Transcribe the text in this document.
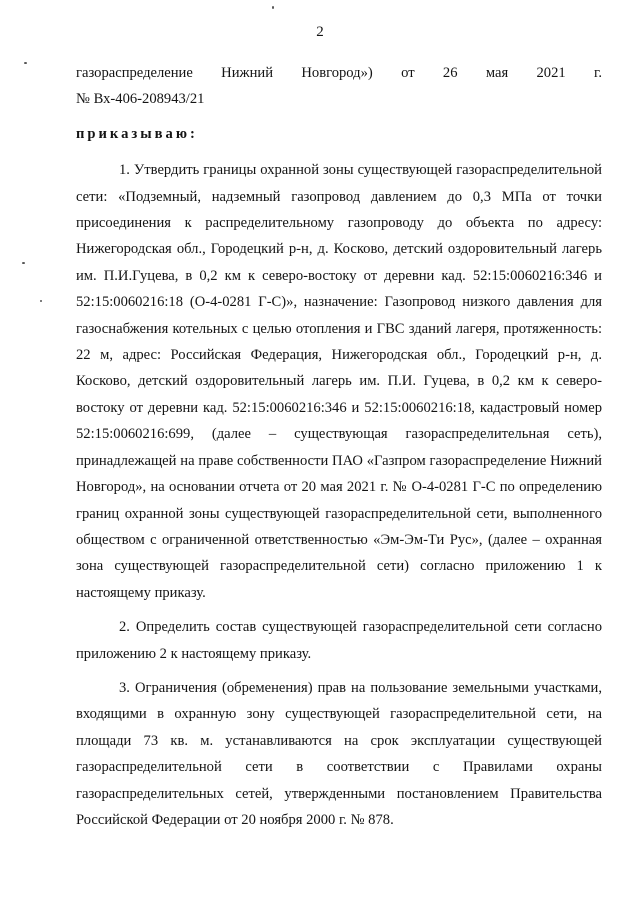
2

газораспределение Нижний Новгород») от 26 мая 2021 г.

№ Вх-406-208943/21

приказываю:

1. Утвердить границы охранной зоны существующей газораспределительной сети: «Подземный, надземный газопровод давлением до 0,3 МПа от точки присоединения к распределительному газопроводу до объекта по адресу: Нижегородская обл., Городецкий р-н, д. Косково, детский оздоровительный лагерь им. П.И.Гуцева, в 0,2 км к северо-востоку от деревни кад. 52:15:0060216:346 и 52:15:0060216:18 (О-4-0281 Г-С)», назначение: Газопровод низкого давления для газоснабжения котельных с целью отопления и ГВС зданий лагеря, протяженность: 22 м, адрес: Российская Федерация, Нижегородская обл., Городецкий р-н, д. Косково, детский оздоровительный лагерь им. П.И. Гуцева, в 0,2 км к северо-востоку от деревни кад. 52:15:0060216:346 и 52:15:0060216:18, кадастровый номер 52:15:0060216:699, (далее – существующая газораспределительная сеть), принадлежащей на праве собственности ПАО «Газпром газораспределение Нижний Новгород», на основании отчета от 20 мая 2021 г. № О-4-0281 Г-С по определению границ охранной зоны существующей газораспределительной сети, выполненного обществом с ограниченной ответственностью «Эм-Эм-Ти Рус», (далее – охранная зона существующей газораспределительной сети) согласно приложению 1 к настоящему приказу.

2. Определить состав существующей газораспределительной сети согласно приложению 2 к настоящему приказу.

3. Ограничения (обременения) прав на пользование земельными участками, входящими в охранную зону существующей газораспределительной сети, на площади 73 кв. м. устанавливаются на срок эксплуатации существующей газораспределительной сети в соответствии с Правилами охраны газораспределительных сетей, утвержденными постановлением Правительства Российской Федерации от 20 ноября 2000 г. № 878.
